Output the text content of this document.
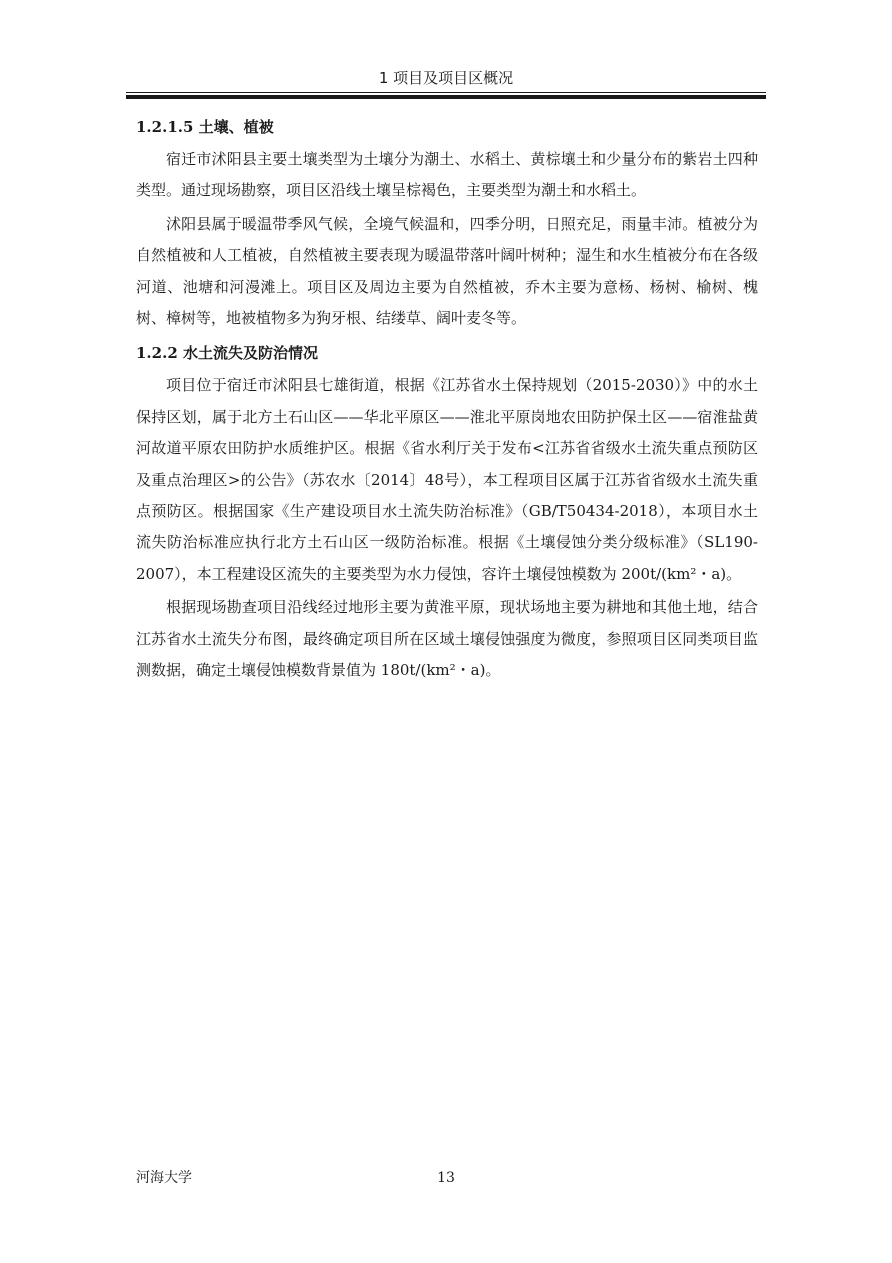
1 项目及项目区概况
1.2.1.5 土壤、植被

宿迁市沭阳县主要土壤类型为土壤分为潮土、水稻土、黄棕壤土和少量分布的紫岩土四种类型。通过现场勘察，项目区沿线土壤呈棕褐色，主要类型为潮土和水稻土。

沭阳县属于暖温带季风气候，全境气候温和，四季分明，日照充足，雨量丰沛。植被分为自然植被和人工植被，自然植被主要表现为暖温带落叶阔叶树种；湿生和水生植被分布在各级河道、池塘和河漫滩上。项目区及周边主要为自然植被，乔木主要为意杨、杨树、榆树、槐树、樟树等，地被植物多为狗牙根、结缕草、阔叶麦冬等。

1.2.2 水土流失及防治情况

项目位于宿迁市沭阳县七雄街道，根据《江苏省水土保持规划（2015-2030）》中的水土保持区划，属于北方土石山区——华北平原区——淮北平原岗地农田防护保土区——宿淮盐黄河故道平原农田防护水质维护区。根据《省水利厅关于发布<江苏省省级水土流失重点预防区及重点治理区>的公告》（苏农水〔2014〕48号），本工程项目区属于江苏省省级水土流失重点预防区。根据国家《生产建设项目水土流失防治标准》（GB/T50434-2018），本项目水土流失防治标准应执行北方土石山区一级防治标准。根据《土壤侵蚀分类分级标准》（SL190-2007），本工程建设区流失的主要类型为水力侵蚀，容许土壤侵蚀模数为 200t/(km²・a)。

根据现场勘查项目沿线经过地形主要为黄淮平原，现状场地主要为耕地和其他土地，结合江苏省水土流失分布图，最终确定项目所在区域土壤侵蚀强度为微度，参照项目区同类项目监测数据，确定土壤侵蚀模数背景值为 180t/(km²・a)。

河海大学	13
